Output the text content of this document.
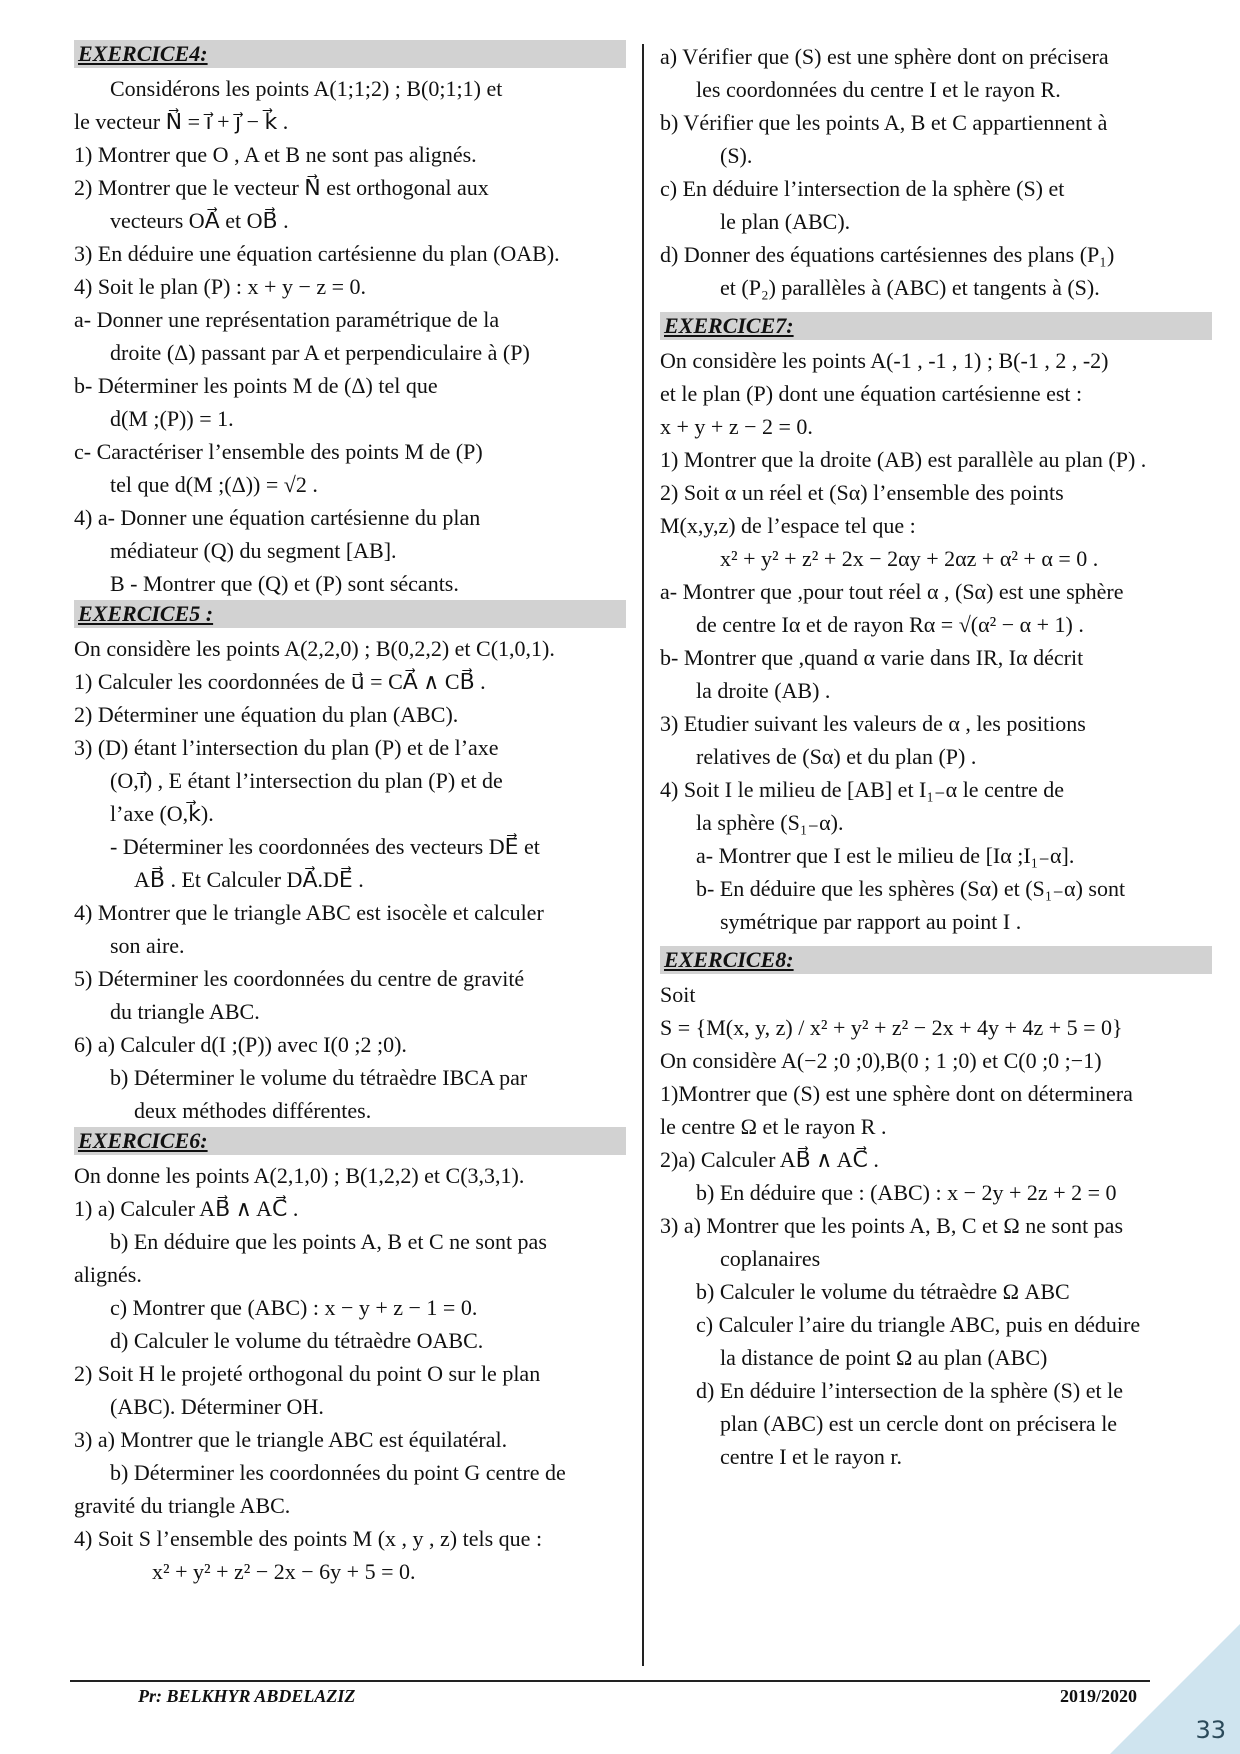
EXERCICE4:

Considérons les points A(1;1;2) ; B(0;1;1) et

le vecteur N⃗ = i⃗ + j⃗ − k⃗ .

1) Montrer que O , A et B ne sont pas alignés.

2) Montrer que le vecteur N⃗ est orthogonal aux

vecteurs OA⃗ et OB⃗ .

3) En déduire une équation cartésienne du plan (OAB).

4) Soit le plan (P) : x + y − z = 0.

a- Donner une représentation paramétrique de la

droite (Δ) passant par A et perpendiculaire à (P)

b- Déterminer les points M de (Δ) tel que

d(M ;(P)) = 1.

c- Caractériser l’ensemble des points M de (P)

tel que d(M ;(Δ)) = √2 .

4) a- Donner une équation cartésienne du plan

médiateur (Q) du segment [AB].

B - Montrer que (Q) et (P) sont sécants.

EXERCICE5 :

On considère les points A(2,2,0) ; B(0,2,2) et C(1,0,1).

1) Calculer les coordonnées de u⃗ = CA⃗ ∧ CB⃗ .

2) Déterminer une équation du plan (ABC).

3) (D) étant l’intersection du plan (P) et de l’axe

(O,i⃗) , E étant l’intersection du plan (P) et de

l’axe (O,k⃗).

- Déterminer les coordonnées des vecteurs DE⃗ et

AB⃗ . Et Calculer DA⃗.DE⃗ .

4) Montrer que le triangle ABC est isocèle et calculer

son aire.

5) Déterminer les coordonnées du centre de gravité

du triangle ABC.

6) a) Calculer d(I ;(P)) avec I(0 ;2 ;0).

b) Déterminer le volume du tétraèdre IBCA par

deux méthodes différentes.

EXERCICE6:

On donne les points A(2,1,0) ; B(1,2,2) et C(3,3,1).

1) a) Calculer AB⃗ ∧ AC⃗ .

b) En déduire que les points A, B et C ne sont pas

alignés.

c) Montrer que (ABC) : x − y + z − 1 = 0.

d) Calculer le volume du tétraèdre OABC.

2) Soit H le projeté orthogonal du point O sur le plan

(ABC). Déterminer OH.

3) a) Montrer que le triangle ABC est équilatéral.

b) Déterminer les coordonnées du point G centre de

gravité du triangle ABC.

4) Soit S l’ensemble des points M (x , y , z) tels que :

x² + y² + z² − 2x − 6y + 5 = 0.

a) Vérifier que (S) est une sphère dont on précisera

les coordonnées du centre I et le rayon R.

b) Vérifier que les points A, B et C appartiennent à

(S).

c) En déduire l’intersection de la sphère (S) et

le plan (ABC).

d) Donner des équations cartésiennes des plans (P₁)

et (P₂) parallèles à (ABC) et tangents à (S).

EXERCICE7:

On considère les points A(-1 , -1 , 1) ; B(-1 , 2 , -2)

et le plan (P) dont une équation cartésienne est :

x + y + z − 2 = 0.

1) Montrer que la droite (AB) est parallèle au plan (P) .

2) Soit α un réel et (Sα) l’ensemble des points

M(x,y,z) de l’espace tel que :

x² + y² + z² + 2x − 2αy + 2αz + α² + α = 0 .

a- Montrer que ,pour tout réel α , (Sα) est une sphère

de centre Iα et de rayon Rα = √(α² − α + 1) .

b- Montrer que ,quand α varie dans IR, Iα décrit

la droite (AB) .

3) Etudier suivant les valeurs de α , les positions

relatives de (Sα) et du plan (P) .

4) Soit I le milieu de [AB] et I₁₋α le centre de

la sphère (S₁₋α).

a- Montrer que I est le milieu de [Iα ;I₁₋α].

b- En déduire que les sphères (Sα) et (S₁₋α) sont

symétrique par rapport au point I .

EXERCICE8:

Soit

S = {M(x, y, z) / x² + y² + z² − 2x + 4y + 4z + 5 = 0}

On considère A(−2 ;0 ;0),B(0 ; 1 ;0) et C(0 ;0 ;−1)

1)Montrer que (S) est une sphère dont on déterminera

le centre Ω et le rayon R .

2)a) Calculer AB⃗ ∧ AC⃗ .

b) En déduire que : (ABC) : x − 2y + 2z + 2 = 0

3) a) Montrer que les points A, B, C et Ω ne sont pas

coplanaires

b) Calculer le volume du tétraèdre Ω ABC

c) Calculer l’aire du triangle ABC, puis en déduire

la distance de point Ω au plan (ABC)

d) En déduire l’intersection de la sphère (S) et le

plan (ABC) est un cercle dont on précisera le

centre I et le rayon r.

Pr: BELKHYR ABDELAZIZ	2019/2020
33
